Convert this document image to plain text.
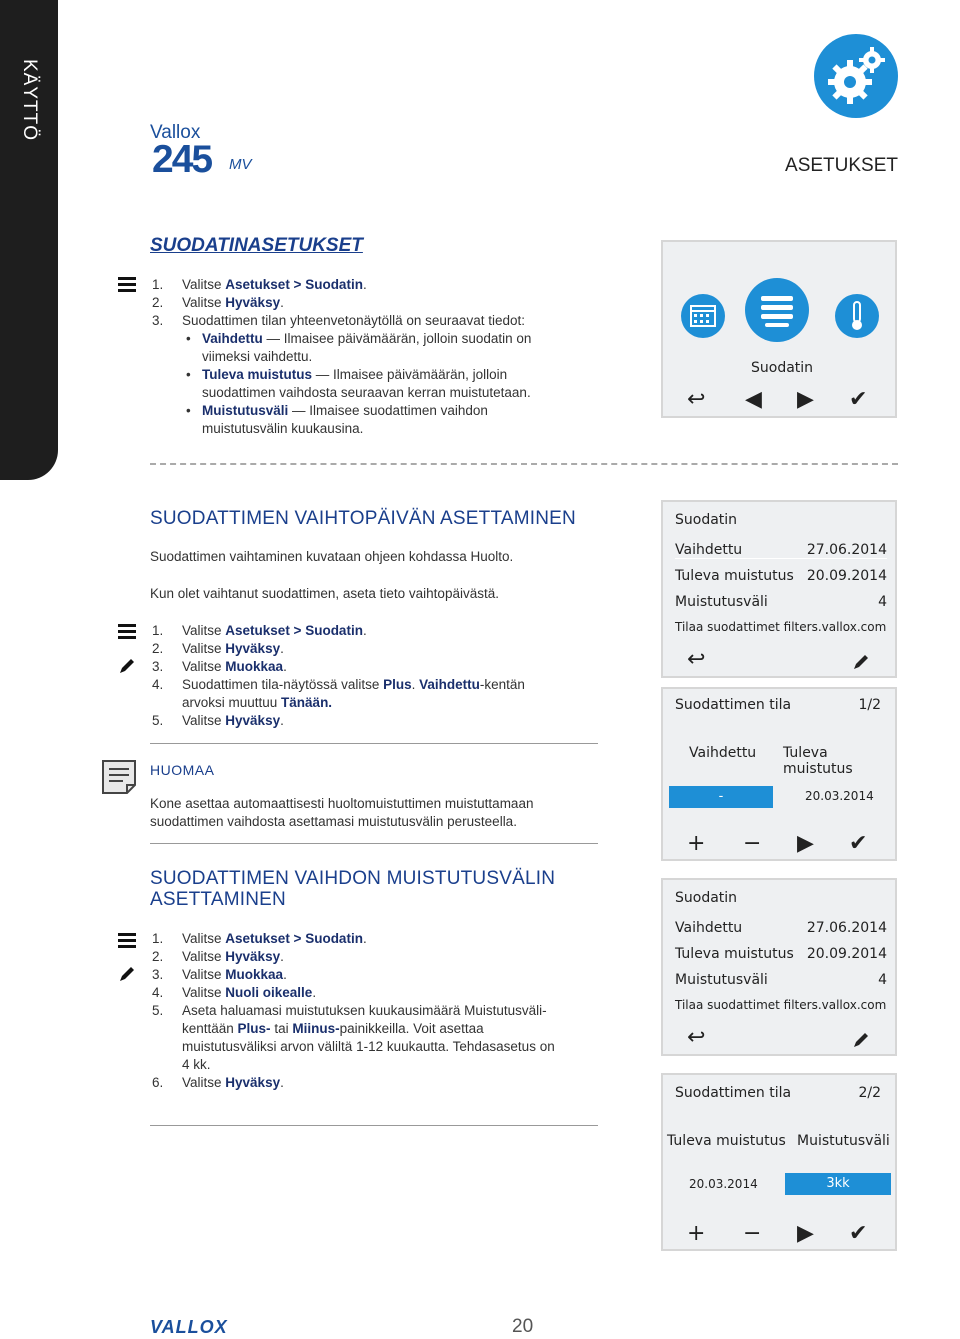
KÄYTTÖ	Vallox
245 MV	ASETUKSET
SUODATINASETUKSET
1. Valitse Asetukset > Suodatin.
2. Valitse Hyväksy.
3. Suodattimen tilan yhteenvetonäytöllä on seuraavat tiedot:
• Vaihdettu — Ilmaisee päivämäärän, jolloin suodatin on
viimeksi vaihdettu.
• Tuleva muistutus — Ilmaisee päivämäärän, jolloin
suodattimen vaihdosta seuraavan kerran muistutetaan.
• Muistutusväli — Ilmaisee suodattimen vaihdon
muistutusvälin kuukausina.
Suodatin
↩ ◀ ▶ ✔
SUODATTIMEN VAIHTOPÄIVÄN ASETTAMINEN
Suodattimen vaihtaminen kuvataan ohjeen kohdassa Huolto.
Kun olet vaihtanut suodattimen, aseta tieto vaihtopäivästä.
1. Valitse Asetukset > Suodatin.
2. Valitse Hyväksy.
3. Valitse Muokkaa.
4. Suodattimen tila-näytössä valitse Plus. Vaihdettu-kentän
arvoksi muuttuu Tänään.
5. Valitse Hyväksy.
HUOMAA
Kone asettaa automaattisesti huoltomuistuttimen muistuttamaan
suodattimen vaihdosta asettamasi muistutusvälin perusteella.
SUODATTIMEN VAIHDON MUISTUTUSVÄLIN
ASETTAMINEN
1. Valitse Asetukset > Suodatin.
2. Valitse Hyväksy.
3. Valitse Muokkaa.
4. Valitse Nuoli oikealle.
5. Aseta haluamasi muistutuksen kuukausimäärä Muistutusväli-
kenttään Plus- tai Miinus-painikkeilla. Voit asettaa
muistutusväliksi arvon väliltä 1-12 kuukautta. Tehdasasetus on
4 kk.
6. Valitse Hyväksy.
Suodatin
Vaihdettu	27.06.2014
Tuleva muistutus 20.09.2014
Muistutusväli	4
Tilaa suodattimet filters.vallox.com
↩
Suodattimen tila	1/2
Vaihdettu Tuleva muistutus
-	20.03.2014
+ − ▶ ✔
Suodatin
Vaihdettu	27.06.2014
Tuleva muistutus 20.09.2014
Muistutusväli	4
Tilaa suodattimet filters.vallox.com
↩
Suodattimen tila	2/2
Tuleva muistutus Muistutusväli
20.03.2014	3kk
+ − ▶ ✔
VALLOX	20
